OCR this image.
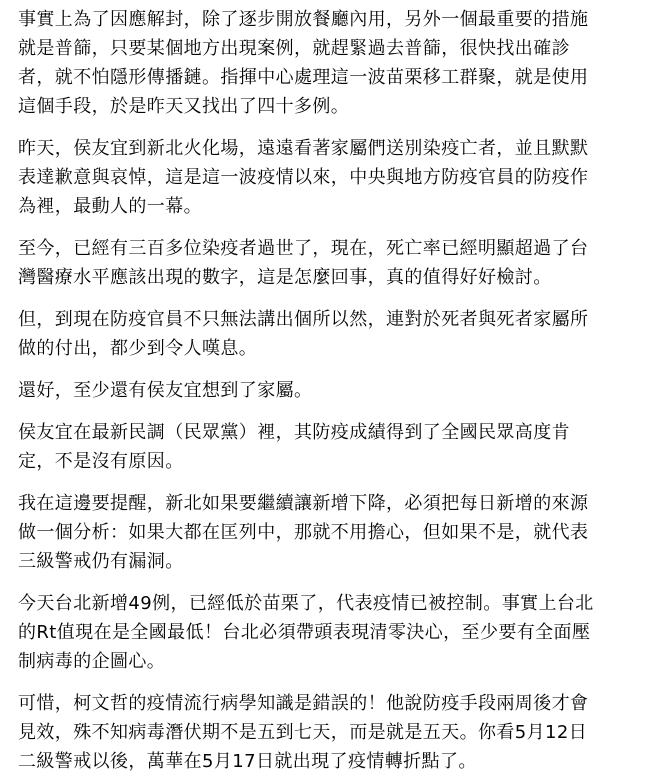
事實上為了因應解封，除了逐步開放餐廳內用，另外一個最重要的措施
就是普篩，只要某個地方出現案例，就趕緊過去普篩，很快找出確診
者，就不怕隱形傳播鏈。指揮中心處理這一波苗栗移工群聚，就是使用
這個手段，於是昨天又找出了四十多例。

昨天，侯友宜到新北火化場，遠遠看著家屬們送別染疫亡者，並且默默
表達歉意與哀悼，這是這一波疫情以來，中央與地方防疫官員的防疫作
為裡，最動人的一幕。

至今，已經有三百多位染疫者過世了，現在，死亡率已經明顯超過了台
灣醫療水平應該出現的數字，這是怎麼回事，真的值得好好檢討。

但，到現在防疫官員不只無法講出個所以然，連對於死者與死者家屬所
做的付出，都少到令人嘆息。

還好，至少還有侯友宜想到了家屬。

侯友宜在最新民調（民眾黨）裡，其防疫成績得到了全國民眾高度肯
定，不是沒有原因。

我在這邊要提醒，新北如果要繼續讓新增下降，必須把每日新增的來源
做一個分析：如果大都在匡列中，那就不用擔心，但如果不是，就代表
三級警戒仍有漏洞。

今天台北新增49例，已經低於苗栗了，代表疫情已被控制。事實上台北
的Rt值現在是全國最低！台北必須帶頭表現清零決心，至少要有全面壓
制病毒的企圖心。

可惜，柯文哲的疫情流行病學知識是錯誤的！他說防疫手段兩周後才會
見效，殊不知病毒潛伏期不是五到七天，而是就是五天。你看5月12日
二級警戒以後，萬華在5月17日就出現了疫情轉折點了。
